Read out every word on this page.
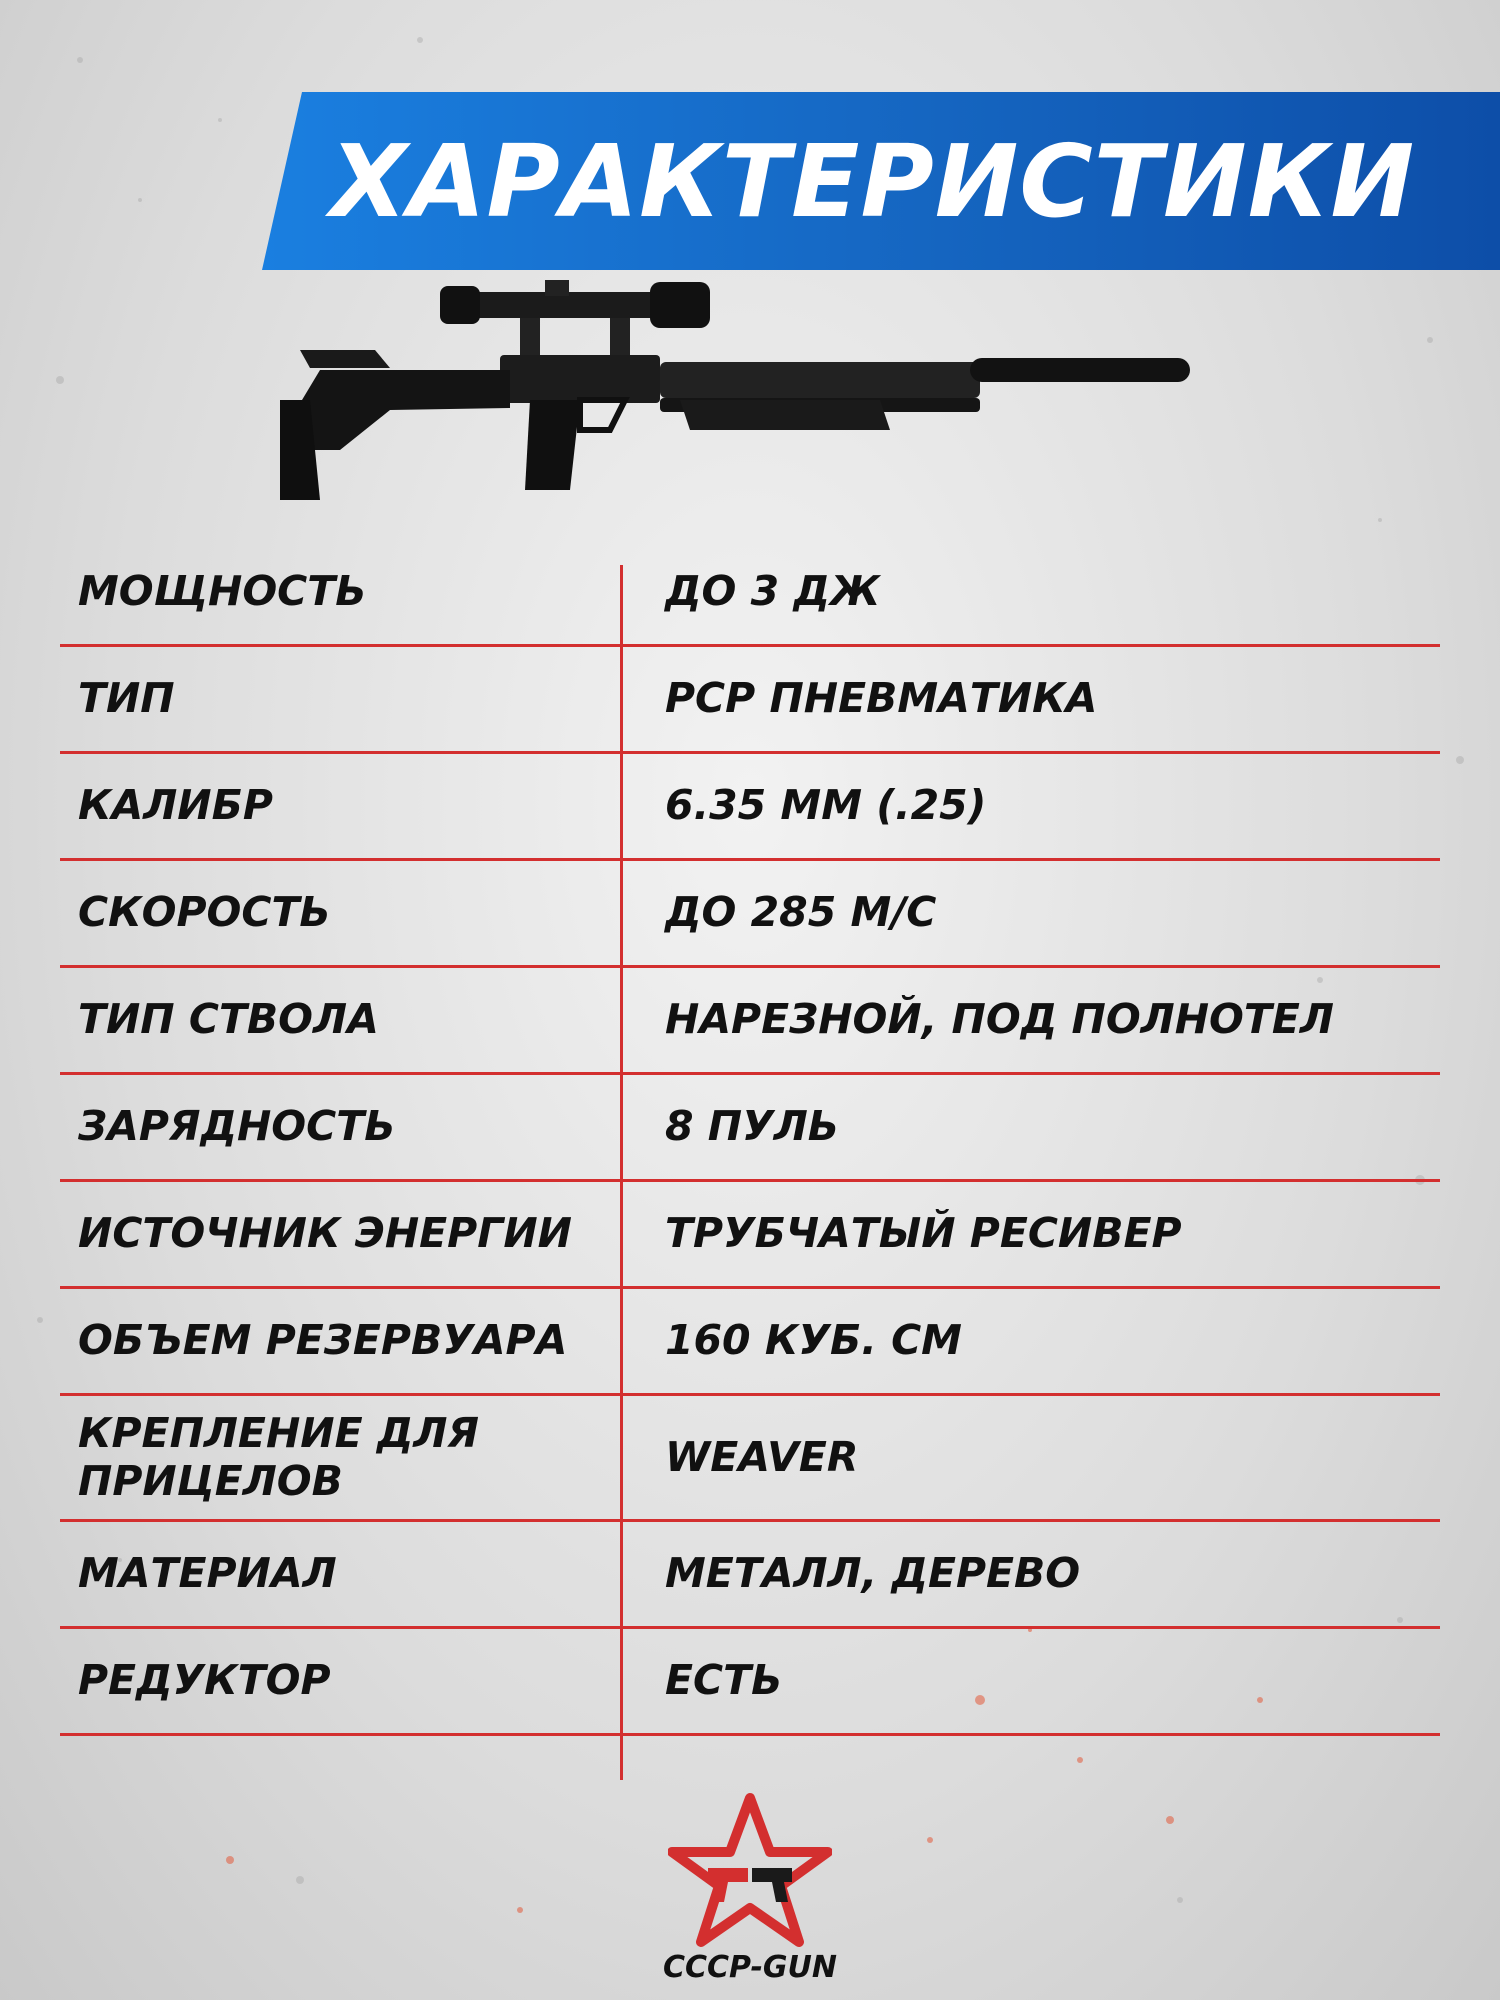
ХАРАКТЕРИСТИКИ
МОЩНОСТЬ	ДО 3 ДЖ
ТИП	PCP ПНЕВМАТИКА
КАЛИБР	6.35 ММ (.25)
СКОРОСТЬ	ДО 285 М/С
ТИП СТВОЛА	НАРЕЗНОЙ, ПОД ПОЛНОТЕЛ
ЗАРЯДНОСТЬ	8 ПУЛЬ
ИСТОЧНИК ЭНЕРГИИ	ТРУБЧАТЫЙ РЕСИВЕР
ОБЪЕМ РЕЗЕРВУАРА	160 КУБ. СМ
КРЕПЛЕНИЕ ДЛЯ ПРИЦЕЛОВ	WEAVER
МАТЕРИАЛ	МЕТАЛЛ, ДЕРЕВО
РЕДУКТОР	ЕСТЬ
CCCP-GUN
